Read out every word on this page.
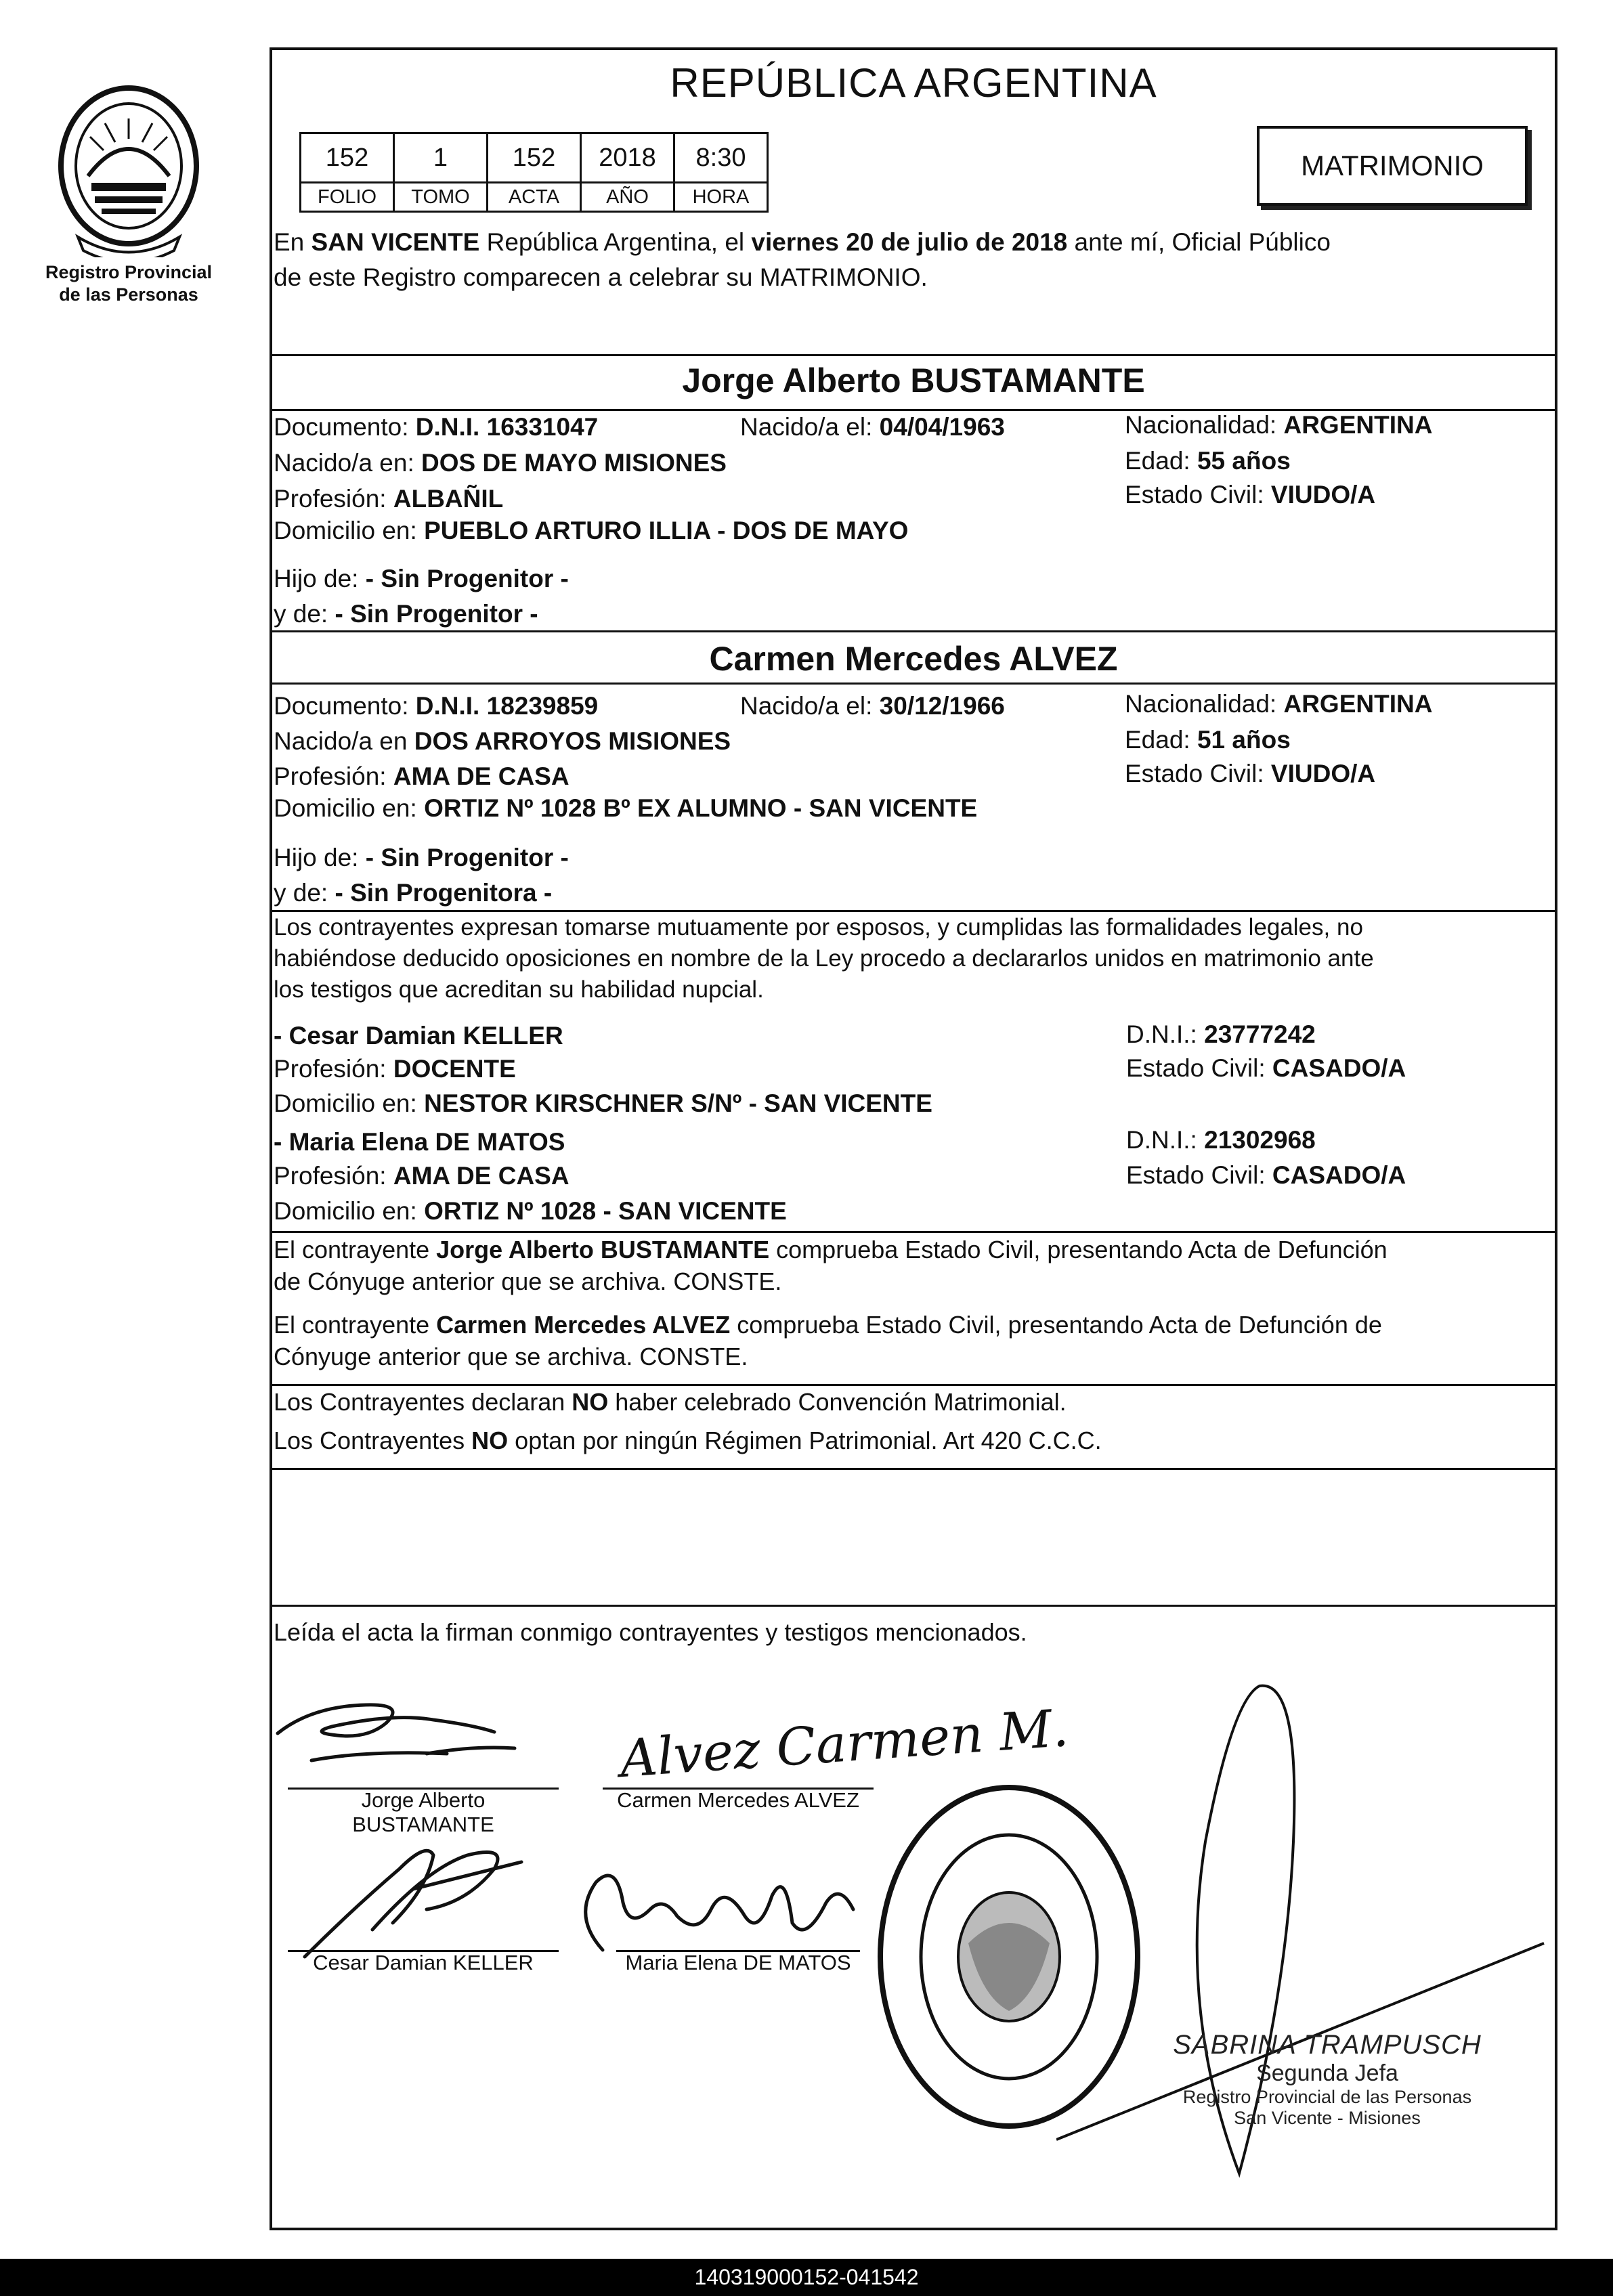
Registro Provincial
de las Personas
REPÚBLICA ARGENTINA
152	1	152	2018	8:30
FOLIO	TOMO	ACTA	AÑO	HORA
MATRIMONIO
En SAN VICENTE República Argentina, el viernes 20 de julio de 2018 ante mí, Oficial Público
de este Registro comparecen a celebrar su MATRIMONIO.
Jorge Alberto BUSTAMANTE
Documento: D.N.I. 16331047	Nacido/a el: 04/04/1963	Nacionalidad: ARGENTINA
Nacido/a en: DOS DE MAYO MISIONES	Edad: 55 años
Profesión: ALBAÑIL	Estado Civil: VIUDO/A
Domicilio en: PUEBLO ARTURO ILLIA - DOS DE MAYO
Hijo de: - Sin Progenitor -
y de: - Sin Progenitor -
Carmen Mercedes ALVEZ
Documento: D.N.I. 18239859	Nacido/a el: 30/12/1966	Nacionalidad: ARGENTINA
Nacido/a en DOS ARROYOS MISIONES	Edad: 51 años
Profesión: AMA DE CASA	Estado Civil: VIUDO/A
Domicilio en: ORTIZ Nº 1028 Bº EX ALUMNO - SAN VICENTE
Hijo de: - Sin Progenitor -
y de: - Sin Progenitora -
Los contrayentes expresan tomarse mutuamente por esposos, y cumplidas las formalidades legales, no
habiéndose deducido oposiciones en nombre de la Ley procedo a declararlos unidos en matrimonio ante
los testigos que acreditan su habilidad nupcial.
- Cesar Damian KELLER	D.N.I.: 23777242
Profesión: DOCENTE	Estado Civil: CASADO/A
Domicilio en: NESTOR KIRSCHNER S/Nº - SAN VICENTE
- Maria Elena DE MATOS	D.N.I.: 21302968
Profesión: AMA DE CASA	Estado Civil: CASADO/A
Domicilio en: ORTIZ Nº 1028 - SAN VICENTE
El contrayente Jorge Alberto BUSTAMANTE comprueba Estado Civil, presentando Acta de Defunción
de Cónyuge anterior que se archiva. CONSTE.
El contrayente Carmen Mercedes ALVEZ comprueba Estado Civil, presentando Acta de Defunción de
Cónyuge anterior que se archiva. CONSTE.
Los Contrayentes declaran NO haber celebrado Convención Matrimonial.
Los Contrayentes NO optan por ningún Régimen Patrimonial. Art 420 C.C.C.
Leída el acta la firman conmigo contrayentes y testigos mencionados.
Jorge Alberto
BUSTAMANTE
Alvez Carmen M.
Carmen Mercedes ALVEZ
Cesar Damian KELLER	Maria Elena DE MATOS
SABRINA TRAMPUSCH
Segunda Jefa
Registro Provincial de las Personas
San Vicente - Misiones
140319000152-041542
